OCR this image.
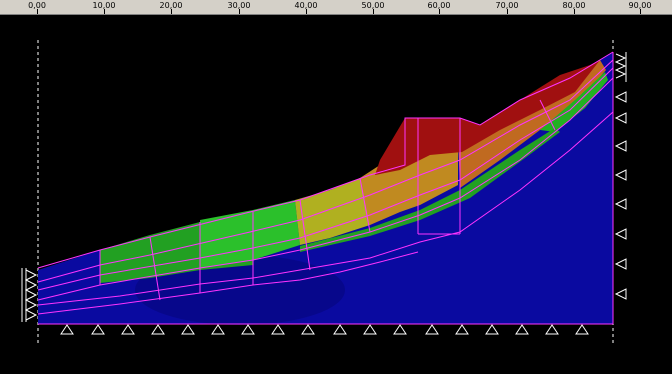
0,00	10,00	20,00	30,00	40,00	50,00	60,00	70,00	80,00	90,00
